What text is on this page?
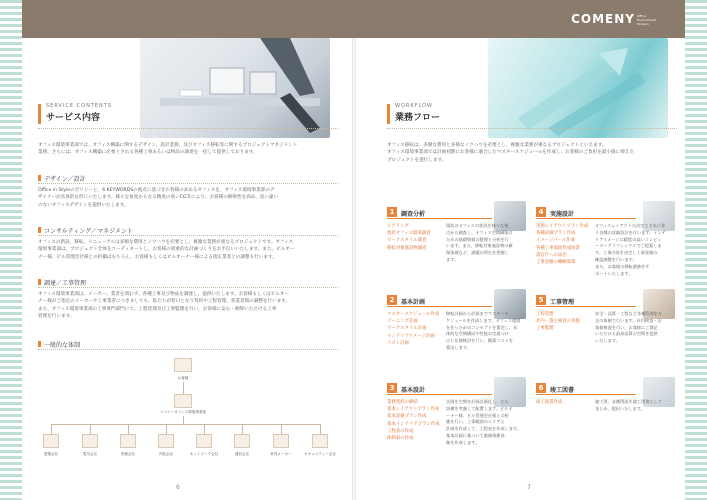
COMENY Office Environment Division
SERVICE CONTENTS
サービス内容
オフィス環境事業部では、オフィス構築に関するデザイン、設計業務、及びオフィス移転等に関するプロジェクトマネジメント
業務、さらには、オフィス構築に必要とされる各種工事あるいは物品の調達を一括して提供しております。
デザイン／設計
Office in Styleのポリシーと、6 KEYWORDSの視点に基づきお客様の求めるオフィスを、オフィス環境事業部のデ
ザイナーが具体的な形にいたします。様々な角度からなる精度の高いCG等により、お客様の納得性を高め、思い違い
のないオフィスデザインを提供いたします。
コンサルティング／マネジメント
オフィスの新設、移転、リニューアルは多額な費用とノウハウを必要とし、複雑な業務が重なるプロジェクトです。オフィス
環境事業部は、プロジェクト全体をコーディネートし、お客様の貴重的な計画づくりをお手伝いいたします。また、ビルオー
ナー様、ビル管理会社様との折衝はもちろん、お客様もしくはビルオーナー様による指定業者との調整も行います。
調達／工事管理
オフィス環境事業部は、メーカー、業者を問わず、各種工事及び物品を調達し、提供いたします。お客様もしくはビルオー
ナー様がご指定のメーカーや工事業者につきましても、私たちが窓口となり契約や工程管理、各業者間の調整を行います。
また、オフィス環境事業部の工事専門部門にて、工程管理及び工事監理を行い、お客様に安心・納得いただける工事
管理を行います。
一般的な体制
お客様
コマニーオフィス環境事業部
建築会社	電気会社	設備会社	内装会社	ネットワーク会社	通信会社	家具メーカー	セキュリティー会社
6
WORKFLOW
業務フロー
オフィス移転は、多額な費用と多様なノウハウを必要とし、複雑な業務が重なるプロジェクトといえます。
オフィス環境事業部では計画初期にお客様に適合したマスタースケジュールを作成し、お客様のご負担を最小限に抑えた
プロジェクトを遂行します。
1	調査分析
ヒアリング
現状オフィス環境調査
ワークスタイル調査
移転対象施設物調査
現状のオフィスの状況を様々な視
点から調査し、オフィス空間構築の
ための基礎情報の整理と分析を行
います。また、移転対象施設物の確
保体現など、課題の所在を把握し
ます。
4	実施設計
実施レイアウトプラン作成
各種詳細プラン作成
イメージパース作成
各種工事図面作成図書
諸官庁への届出
工事金額の概略算算
オフィスレイアウトの決定とそれに伴
う各種の詳細設計を行います。インテ
リアイメージは精度の高いコンピュ
ーターグラフィックスでご提案しま
す。工事内容を決定し工事金額の
確認調整を行います。
また、お客様の移転業務をサ
ポートいたします。
2	基本計画
マスタースケジュール作成
ゾーニング計画
ワークスタイル計画
インテリアイメージ計画
コスト計画
移転計画から計画までマスタース
ケジュールを作成します。オフィス環境
を作りためのコンセプトを策定し、具
体的な空間構成や性能の定義づけ
けと仕様検討を行い、概算コストを
算出します。
5	工事管理
工程管理
社内・施主検査の実施
工事監理
安全・品質・工程など各種管理を万
全の体制で行います。社内検査・お
客様検査を行い、お客様にご満足
いただける最高品質の空間を提供
いたします。
3	基本設計
業務契約の締結
基本レイアウトプラン作成
基本設備プラン作成
基本インテリアプラン作成
工程表の作成
体制表の作成
企画を空間を計画計画化し、ビル
設備を考慮して配置します。ビルオ
ーナー様、ビル管理会社様との折
衝を行い、工事範囲のエリアと
計画を作成して、工程表を作成します。
基本計画に基づいて業務推進体
制を作成します。
6	竣工図書
竣工図書作成	竣工図、各種図面を竣工図書として
まとめ、提出いたします。
7
